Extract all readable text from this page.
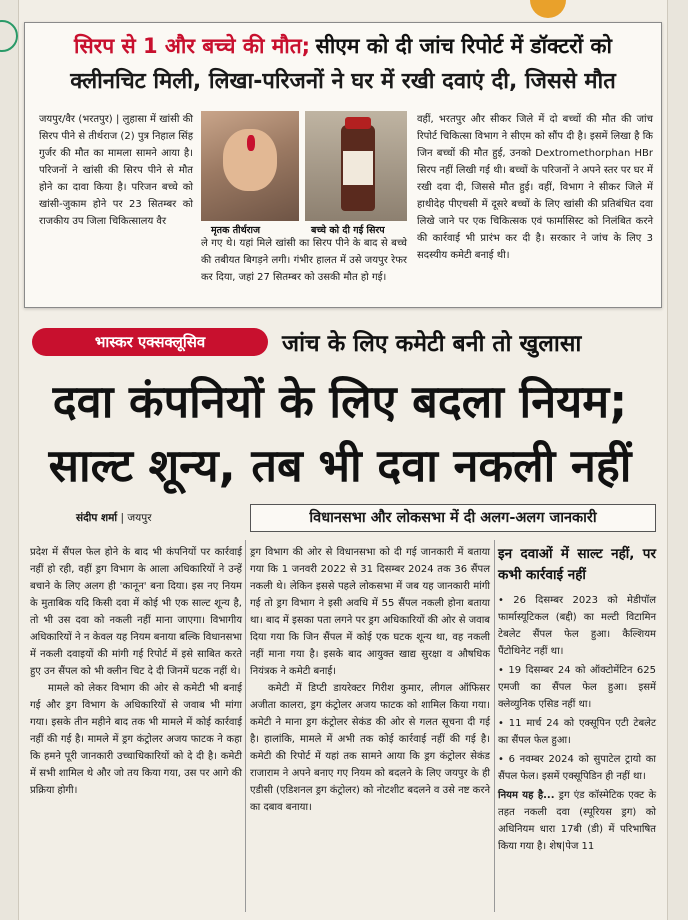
सिरप से 1 और बच्चे की मौत; सीएम को दी जांच रिपोर्ट में डॉक्टरों को
क्लीनचिट मिली, लिखा-परिजनों ने घर में रखी दवाएं दी, जिससे मौत
जयपुर/वैर (भरतपुर) | लुहासा में खांसी की सिरप पीने से तीर्थराज (2) पुत्र निहाल सिंह गुर्जर की मौत का मामला सामने आया है। परिजनों ने खांसी की सिरप पीने से मौत होने का दावा किया है। परिजन बच्चे को खांसी-जुकाम होने पर 23 सितम्बर को राजकीय उप जिला चिकित्सालय वैर
मृतक तीर्थराज	बच्चे को दी गई सिरप
ले गए थे। यहां मिले खांसी का सिरप पीने के बाद से बच्चे की तबीयत बिगड़ने लगी। गंभीर हालत में उसे जयपुर रेफर कर दिया, जहां 27 सितम्बर को उसकी मौत हो गई।
वहीं, भरतपुर और सीकर जिले में दो बच्चों की मौत की जांच रिपोर्ट चिकित्सा विभाग ने सीएम को सौंप दी है। इसमें लिखा है कि जिन बच्चों की मौत हुई, उनको Dextromethorphan HBr सिरप नहीं लिखी गई थी। बच्चों के परिजनों ने अपने स्तर पर घर में रखी दवा दी, जिससे मौत हुई। वहीं, विभाग ने सीकर जिले में हाथीदेह पीएचसी में दूसरे बच्चों के लिए खांसी की प्रतिबंधित दवा लिखे जाने पर एक चिकित्सक एवं फार्मासिस्ट को निलंबित करने की कार्रवाई भी प्रारंभ कर दी है। सरकार ने जांच के लिए 3 सदस्यीय कमेटी बनाई थी।
भास्कर एक्सक्लूसिव	जांच के लिए कमेटी बनी तो खुलासा
दवा कंपनियों के लिए बदला नियम;
साल्ट शून्य, तब भी दवा नकली नहीं
संदीप शर्मा | जयपुर	विधानसभा और लोकसभा में दी अलग-अलग जानकारी

प्रदेश में सैंपल फेल होने के बाद भी कंपनियों पर कार्रवाई नहीं हो रही, वहीं ड्रग विभाग के आला अधिकारियों ने उन्हें बचाने के लिए अलग ही 'कानून' बना दिया। इस नए नियम के मुताबिक यदि किसी दवा में कोई भी एक साल्ट शून्य है, तो भी उस दवा को नकली नहीं माना जाएगा। विभागीय अधिकारियों ने न केवल यह नियम बनाया बल्कि विधानसभा में नकली दवाइयों की मांगी गई रिपोर्ट में इसे साबित करते हुए उन सैंपल को भी क्लीन चिट दे दी जिनमें घटक नहीं थे।

मामले को लेकर विभाग की ओर से कमेटी भी बनाई गई और ड्रग विभाग के अधिकारियों से जवाब भी मांगा गया। इसके तीन महीने बाद तक भी मामले में कोई कार्रवाई नहीं की गई है। मामले में ड्रग कंट्रोलर अजय फाटक ने कहा कि हमने पूरी जानकारी उच्चाधिकारियों को दे दी है। कमेटी में सभी शामिल थे और जो तय किया गया, उस पर आगे की प्रक्रिया होगी।

ड्रग विभाग की ओर से विधानसभा को दी गई जानकारी में बताया गया कि 1 जनवरी 2022 से 31 दिसम्बर 2024 तक 36 सैंपल नकली थे। लेकिन इससे पहले लोकसभा में जब यह जानकारी मांगी गई तो ड्रग विभाग ने इसी अवधि में 55 सैंपल नकली होना बताया था। बाद में इसका पता लगने पर ड्रग अधिकारियों की ओर से जवाब दिया गया कि जिन सैंपल में कोई एक घटक शून्य था, वह नकली नहीं माना गया है। इसके बाद आयुक्त खाद्य सुरक्षा व औषधिक नियंत्रक ने कमेटी बनाई।

कमेटी में डिप्टी डायरेक्टर गिरीश कुमार, लीगल ऑफिसर अजीता कालरा, ड्रग कंट्रोलर अजय फाटक को शामिल किया गया। कमेटी ने माना ड्रग कंट्रोलर सेकंड की ओर से गलत सूचना दी गई है। हालांकि, मामले में अभी तक कोई कार्रवाई नहीं की गई है। कमेटी की रिपोर्ट में यहां तक सामने आया कि ड्रग कंट्रोलर सेकंड राजाराम ने अपने बनाए गए नियम को बदलने के लिए जयपुर के ही एडीसी (एडिशनल ड्रग कंट्रोलर) को नोटशीट बदलने व उसे नष्ट करने का दबाव बनाया।

इन दवाओं में साल्ट नहीं, पर कभी कार्रवाई नहीं
• 26 दिसम्बर 2023 को मेडीपॉल फार्मास्यूटिकल (बद्दी) का मल्टी विटामिन टेबलेट सैंपल फेल हुआ। कैल्शियम पैंटोथिनेट नहीं था।
• 19 दिसम्बर 24 को ऑक्टोमेंटिन 625 एमजी का सैंपल फेल हुआ। इसमें क्लेव्युनिक एसिड नहीं था।
• 11 मार्च 24 को एक्सूपिन एटी टेबलेट का सैंपल फेल हुआ।
• 6 नवम्बर 2024 को सुपाटेल ट्रायो का सैंपल फेल। इसमें एक्सूपिडिन ही नहीं था।
नियम यह है... ड्रग एंड कॉस्मेटिक एक्ट के तहत नकली दवा (स्पूरियस ड्रग) को अधिनियम धारा 17बी (डी) में परिभाषित किया गया है। शेष|पेज 11
